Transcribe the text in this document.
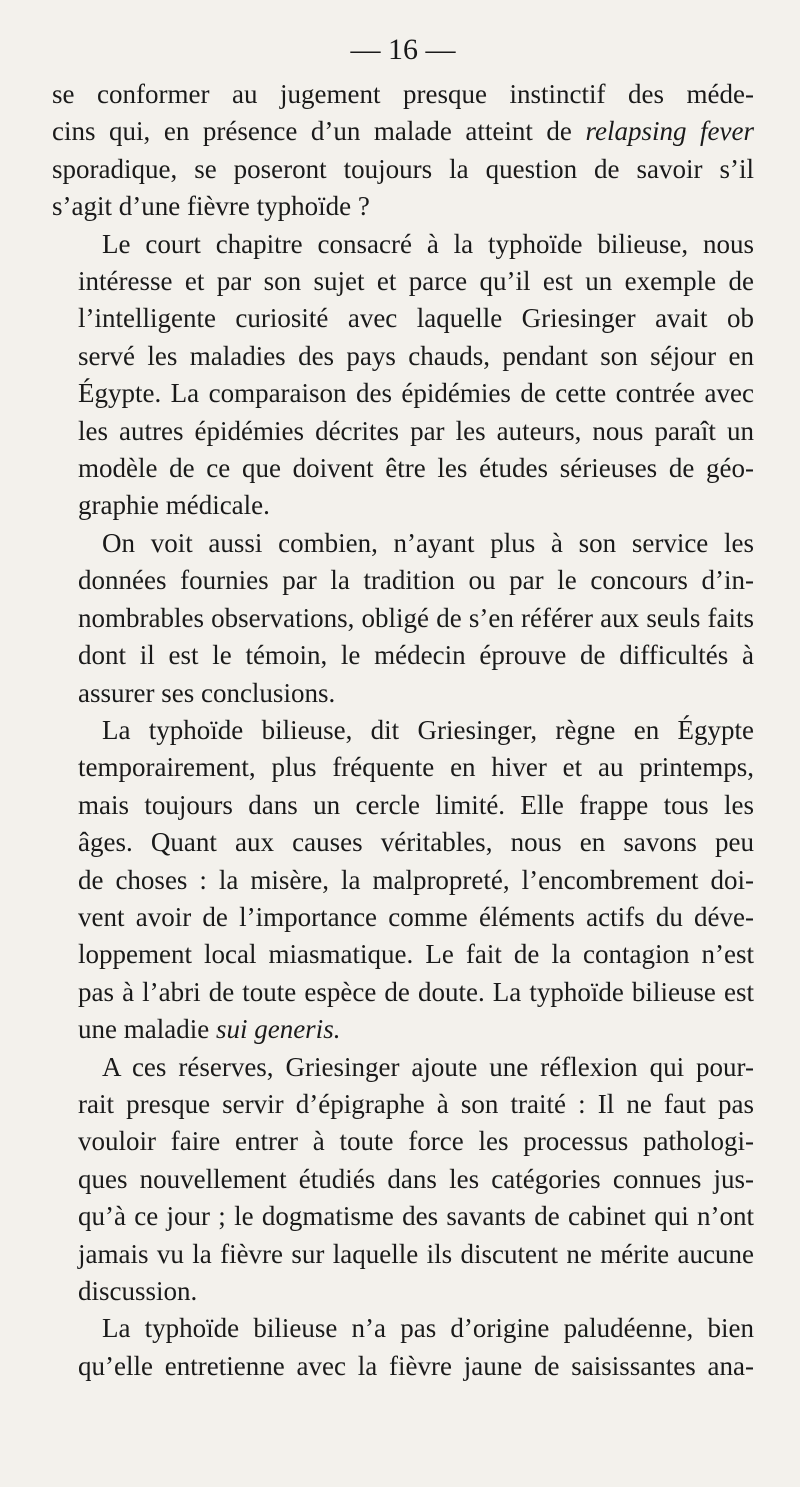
— 16 —
se conformer au jugement presque instinctif des méde-
cins qui, en présence d’un malade atteint de relapsing fever
sporadique, se poseront toujours la question de savoir s’il
s’agit d’une fièvre typhoïde ?
Le court chapitre consacré à la typhoïde bilieuse, nous
intéresse et par son sujet et parce qu’il est un exemple de
l’intelligente curiosité avec laquelle Griesinger avait ob
servé les maladies des pays chauds, pendant son séjour en
Égypte. La comparaison des épidémies de cette contrée avec
les autres épidémies décrites par les auteurs, nous paraît un
modèle de ce que doivent être les études sérieuses de géo-
graphie médicale.
On voit aussi combien, n’ayant plus à son service les
données fournies par la tradition ou par le concours d’in-
nombrables observations, obligé de s’en référer aux seuls faits
dont il est le témoin, le médecin éprouve de difficultés à
assurer ses conclusions.
La typhoïde bilieuse, dit Griesinger, règne en Égypte
temporairement, plus fréquente en hiver et au printemps,
mais toujours dans un cercle limité. Elle frappe tous les
âges. Quant aux causes véritables, nous en savons peu
de choses : la misère, la malpropreté, l’encombrement doi-
vent avoir de l’importance comme éléments actifs du déve-
loppement local miasmatique. Le fait de la contagion n’est
pas à l’abri de toute espèce de doute. La typhoïde bilieuse est
une maladie sui generis.
A ces réserves, Griesinger ajoute une réflexion qui pour-
rait presque servir d’épigraphe à son traité : Il ne faut pas
vouloir faire entrer à toute force les processus pathologi-
ques nouvellement étudiés dans les catégories connues jus-
qu’à ce jour ; le dogmatisme des savants de cabinet qui n’ont
jamais vu la fièvre sur laquelle ils discutent ne mérite aucune
discussion.
La typhoïde bilieuse n’a pas d’origine paludéenne, bien
qu’elle entretienne avec la fièvre jaune de saisissantes ana-
